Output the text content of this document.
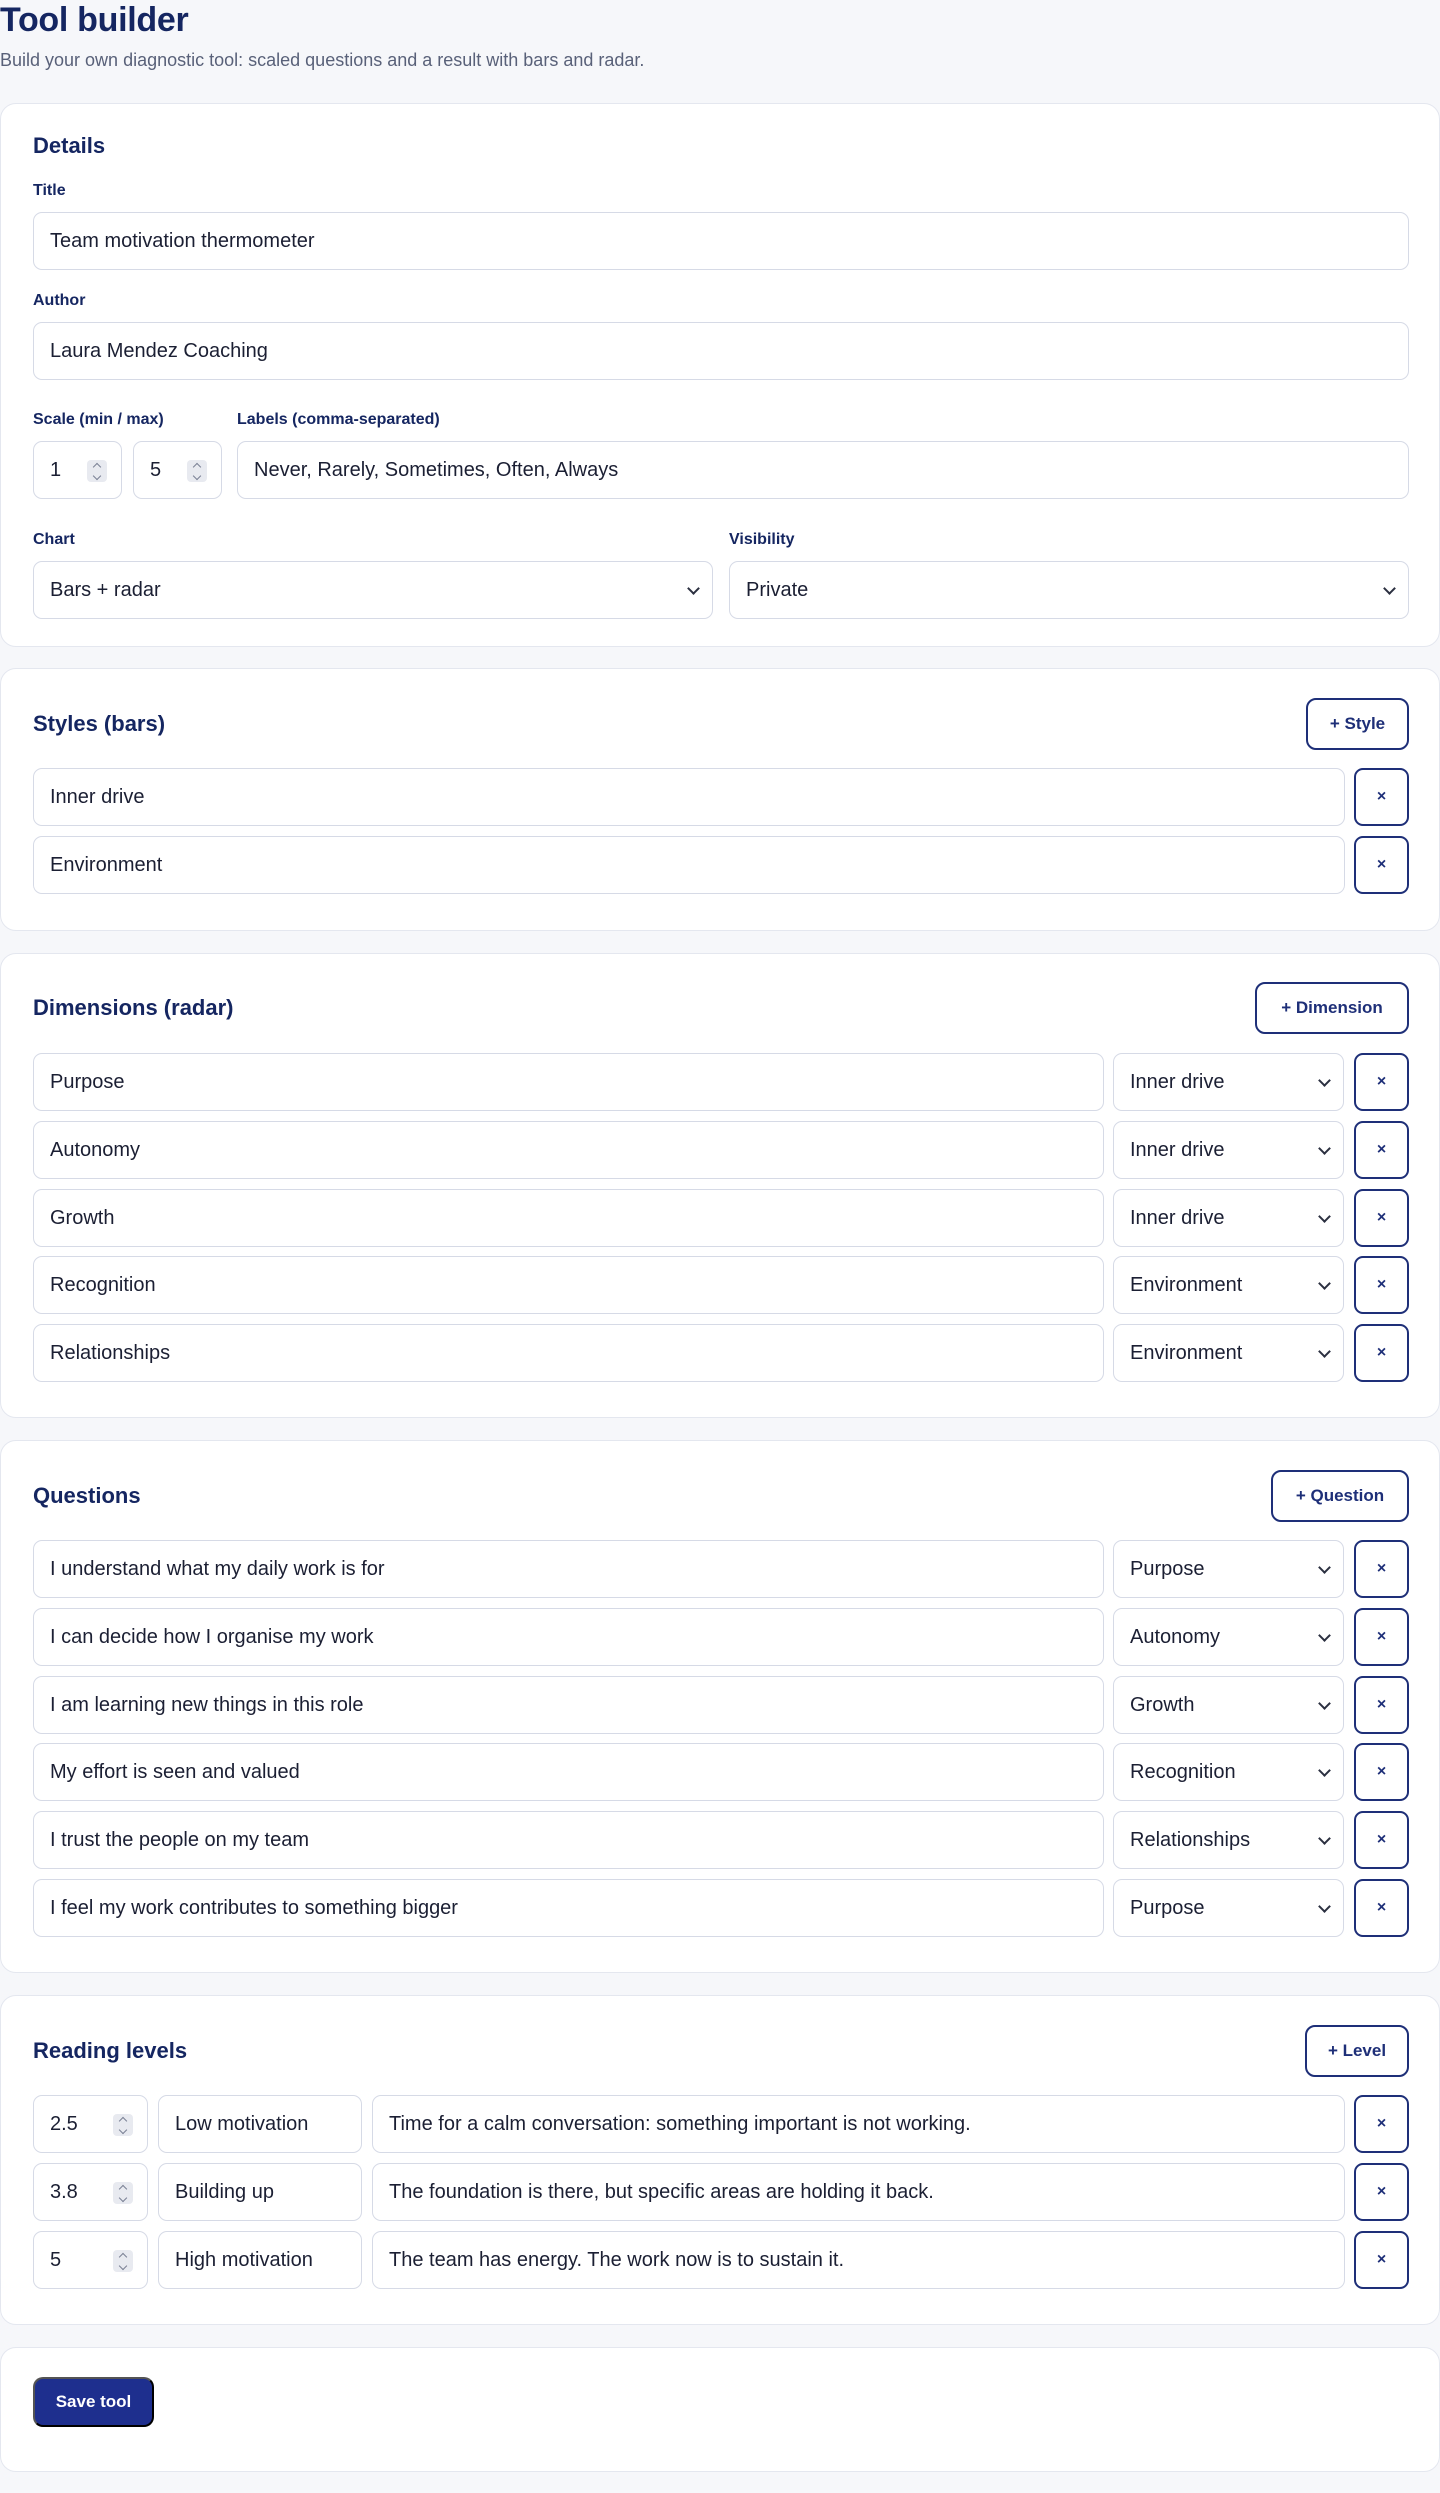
Tool builder

Build your own diagnostic tool: scaled questions and a result with bars and radar.

Details
Title
Team motivation thermometer
Author
Laura Mendez Coaching
Scale (min / max)
1	5
Labels (comma-separated)
Never, Rarely, Sometimes, Often, Always
Chart
Bars + radar
Visibility
Private
Styles (bars)	+ Style
Inner drive	×
Environment	×
Dimensions (radar)	+ Dimension
Purpose	Inner drive	×
Autonomy	Inner drive	×
Growth	Inner drive	×
Recognition	Environment	×
Relationships	Environment	×
Questions	+ Question
I understand what my daily work is for	Purpose	×
I can decide how I organise my work	Autonomy	×
I am learning new things in this role	Growth	×
My effort is seen and valued	Recognition	×
I trust the people on my team	Relationships	×
I feel my work contributes to something bigger	Purpose	×
Reading levels	+ Level
2.5	Low motivation	Time for a calm conversation: something important is not working.	×
3.8	Building up	The foundation is there, but specific areas are holding it back.	×
5	High motivation	The team has energy. The work now is to sustain it.	×
Save tool
